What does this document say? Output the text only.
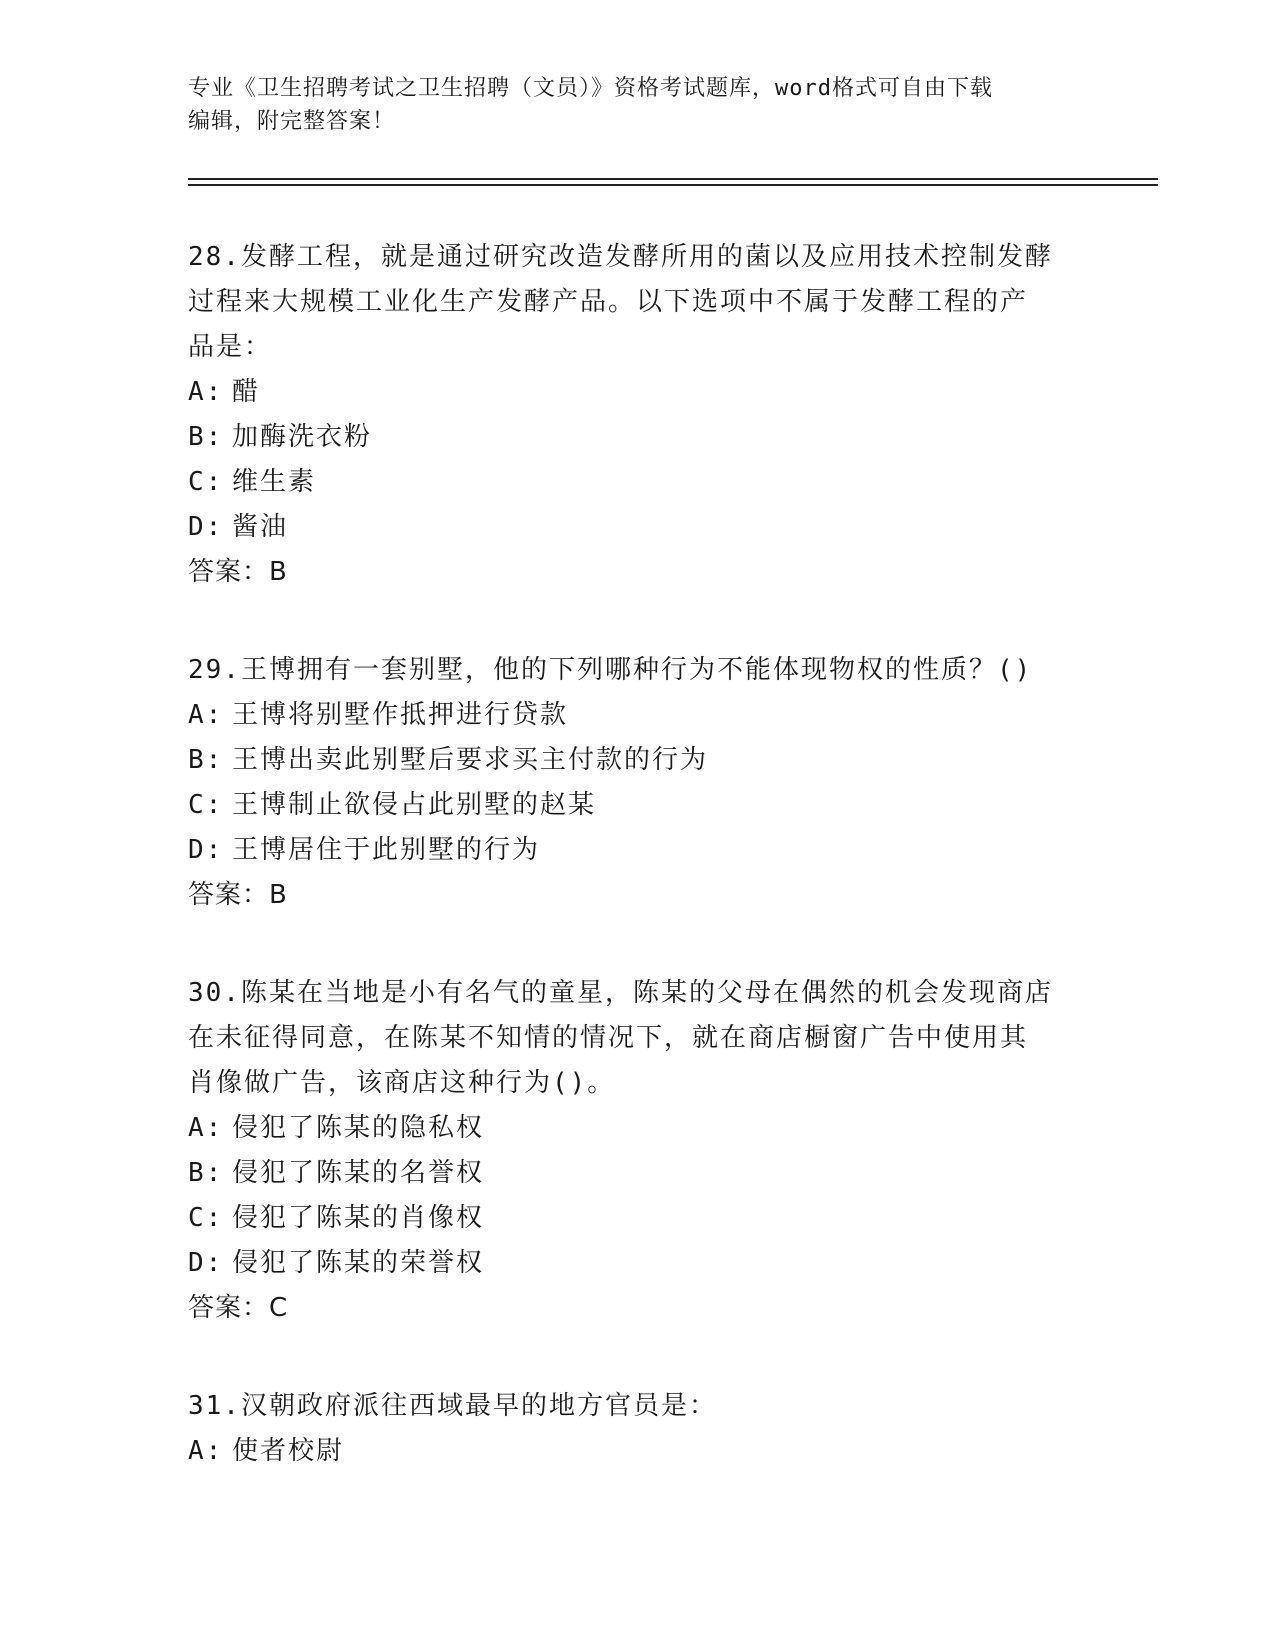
专业《卫生招聘考试之卫生招聘（文员）》资格考试题库，word格式可自由下载
编辑，附完整答案！
28.发酵工程，就是通过研究改造发酵所用的菌以及应用技术控制发酵
过程来大规模工业化生产发酵产品。以下选项中不属于发酵工程的产
品是：
A: 醋
B: 加酶洗衣粉
C: 维生素
D: 酱油
答案：B
29.王博拥有一套别墅，他的下列哪种行为不能体现物权的性质？()
A: 王博将别墅作抵押进行贷款
B: 王博出卖此别墅后要求买主付款的行为
C: 王博制止欲侵占此别墅的赵某
D: 王博居住于此别墅的行为
答案：B
30.陈某在当地是小有名气的童星，陈某的父母在偶然的机会发现商店
在未征得同意，在陈某不知情的情况下，就在商店橱窗广告中使用其
肖像做广告，该商店这种行为()。
A: 侵犯了陈某的隐私权
B: 侵犯了陈某的名誉权
C: 侵犯了陈某的肖像权
D: 侵犯了陈某的荣誉权
答案：C
31.汉朝政府派往西域最早的地方官员是：
A: 使者校尉
